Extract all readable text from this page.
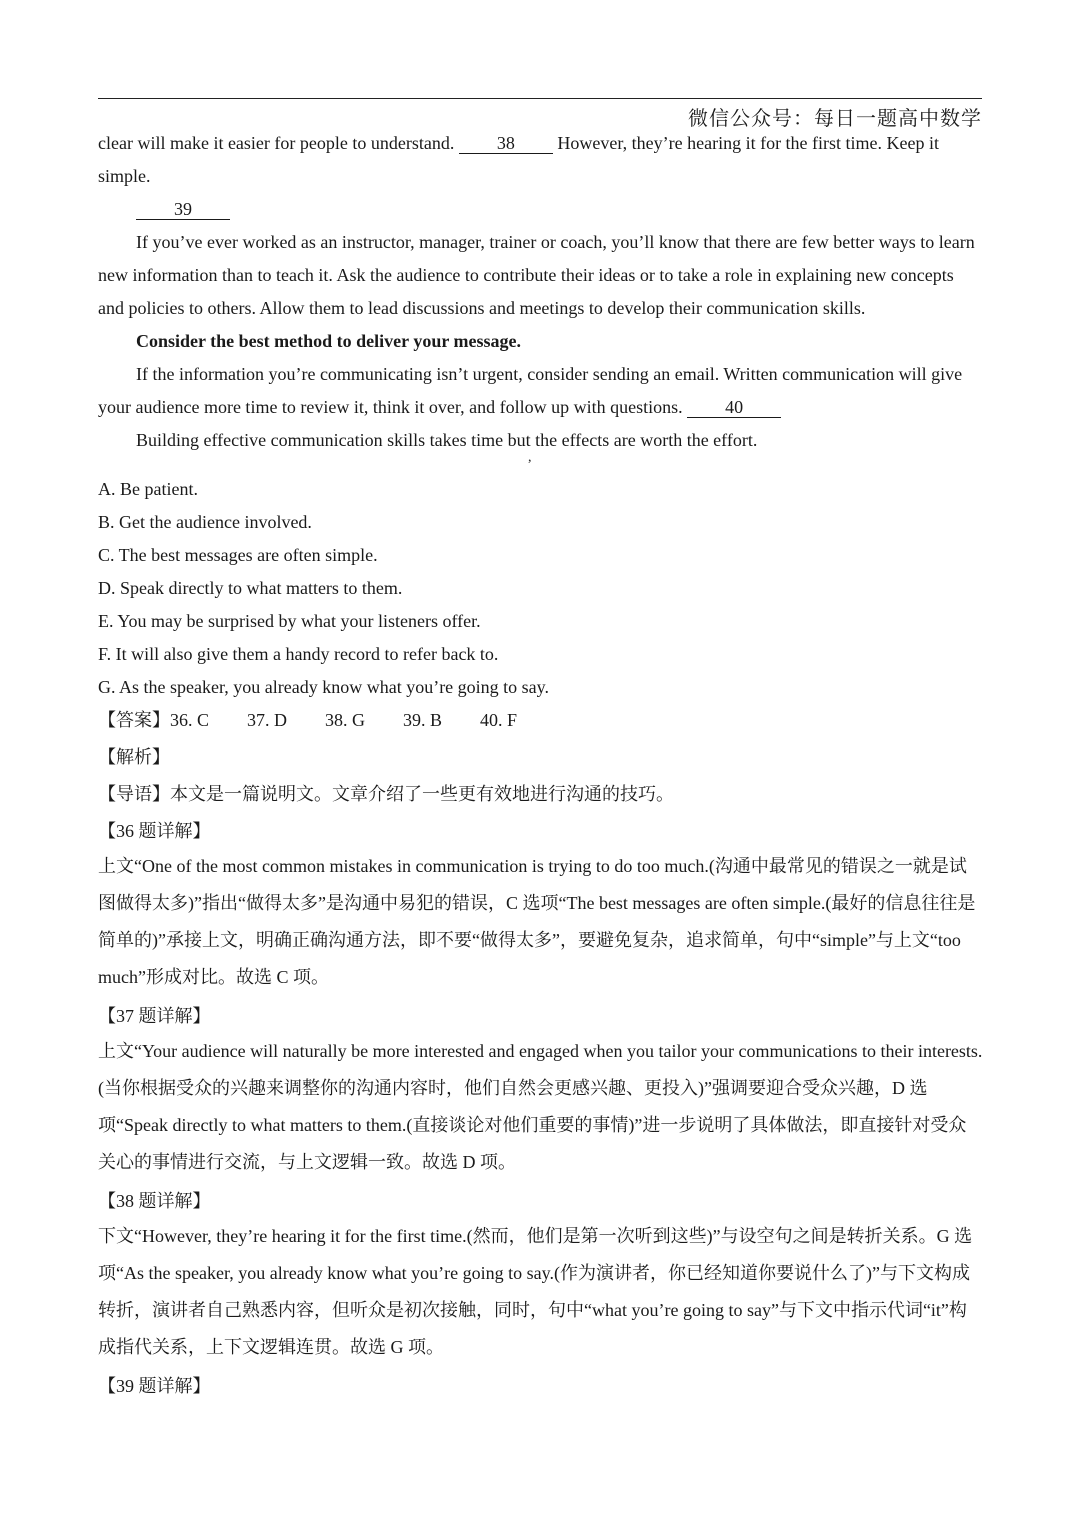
微信公众号：每日一题高中数学

clear will make it easier for people to understand. 38 However, they’re hearing it for the first time. Keep it simple.

39

If you’ve ever worked as an instructor, manager, trainer or coach, you’ll know that there are few better ways to learn new information than to teach it. Ask the audience to contribute their ideas or to take a role in explaining new concepts and policies to others. Allow them to lead discussions and meetings to develop their communication skills.

Consider the best method to deliver your message.

If the information you’re communicating isn’t urgent, consider sending an email. Written communication will give your audience more time to review it, think it over, and follow up with questions. 40

Building effective communication skills takes time but the effects are worth the effort.

A. Be patient.

B. Get the audience involved.

C. The best messages are often simple.

D. Speak directly to what matters to them.

E. You may be surprised by what your listeners offer.

F. It will also give them a handy record to refer back to.

G. As the speaker, you already know what you’re going to say.

【答案】36. C 37. D 38. G 39. B 40. F

【解析】

【导语】本文是一篇说明文。文章介绍了一些更有效地进行沟通的技巧。

【36 题详解】

上文“One of the most common mistakes in communication is trying to do too much.(沟通中最常见的错误之一就是试图做得太多)”指出“做得太多”是沟通中易犯的错误，C 选项“The best messages are often simple.(最好的信息往往是简单的)”承接上文，明确正确沟通方法，即不要“做得太多”，要避免复杂，追求简单，句中“simple”与上文“too much”形成对比。故选 C 项。

【37 题详解】

上文“Your audience will naturally be more interested and engaged when you tailor your communications to their interests.(当你根据受众的兴趣来调整你的沟通内容时，他们自然会更感兴趣、更投入)”强调要迎合受众兴趣，D 选项“Speak directly to what matters to them.(直接谈论对他们重要的事情)”进一步说明了具体做法，即直接针对受众关心的事情进行交流，与上文逻辑一致。故选 D 项。

【38 题详解】

下文“However, they’re hearing it for the first time.(然而，他们是第一次听到这些)”与设空句之间是转折关系。G 选项“As the speaker, you already know what you’re going to say.(作为演讲者，你已经知道你要说什么了)”与下文构成转折，演讲者自己熟悉内容，但听众是初次接触，同时，句中“what you’re going to say”与下文中指示代词“it”构成指代关系，上下文逻辑连贯。故选 G 项。

【39 题详解】

,
